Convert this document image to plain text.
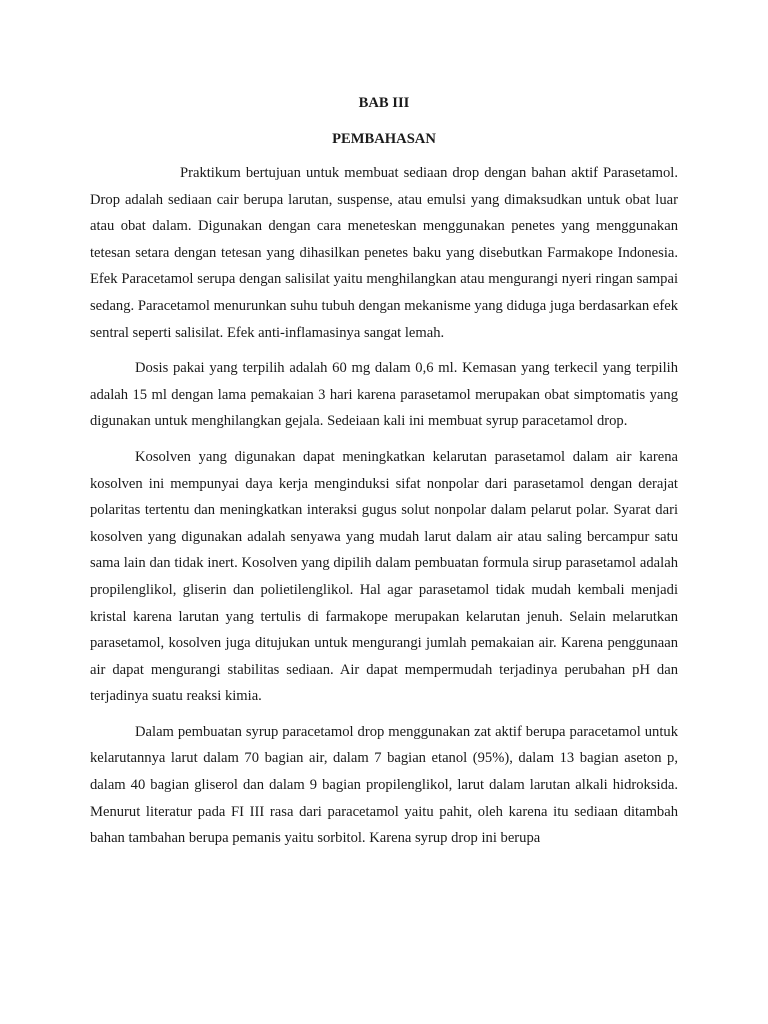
BAB III
PEMBAHASAN

Praktikum bertujuan untuk membuat sediaan drop dengan bahan aktif Parasetamol. Drop adalah sediaan cair berupa larutan, suspense, atau emulsi yang dimaksudkan untuk obat luar atau obat dalam. Digunakan dengan cara meneteskan menggunakan penetes yang menggunakan tetesan setara dengan tetesan yang dihasilkan penetes baku yang disebutkan Farmakope Indonesia. Efek Paracetamol serupa dengan salisilat yaitu menghilangkan atau mengurangi nyeri ringan sampai sedang. Paracetamol menurunkan suhu tubuh dengan mekanisme yang diduga juga berdasarkan efek sentral seperti salisilat. Efek anti-inflamasinya sangat lemah.

Dosis pakai yang terpilih adalah 60 mg dalam 0,6 ml. Kemasan yang terkecil yang terpilih adalah 15 ml dengan lama pemakaian 3 hari karena parasetamol merupakan obat simptomatis yang digunakan untuk menghilangkan gejala. Sedeiaan kali ini membuat syrup paracetamol drop.

Kosolven yang digunakan dapat meningkatkan kelarutan parasetamol dalam air karena kosolven ini mempunyai daya kerja menginduksi sifat nonpolar dari parasetamol dengan derajat polaritas tertentu dan meningkatkan interaksi gugus solut nonpolar dalam pelarut polar. Syarat dari kosolven yang digunakan adalah senyawa yang mudah larut dalam air atau saling bercampur satu sama lain dan tidak inert. Kosolven yang dipilih dalam pembuatan formula sirup parasetamol adalah propilenglikol, gliserin dan polietilenglikol. Hal agar parasetamol tidak mudah kembali menjadi kristal karena larutan yang tertulis di farmakope merupakan kelarutan jenuh. Selain melarutkan parasetamol, kosolven juga ditujukan untuk mengurangi jumlah pemakaian air. Karena penggunaan air dapat mengurangi stabilitas sediaan. Air dapat mempermudah terjadinya perubahan pH dan terjadinya suatu reaksi kimia.

Dalam pembuatan syrup paracetamol drop menggunakan zat aktif berupa paracetamol untuk kelarutannya larut dalam 70 bagian air, dalam 7 bagian etanol (95%), dalam 13 bagian aseton p, dalam 40 bagian gliserol dan dalam 9 bagian propilenglikol, larut dalam larutan alkali hidroksida. Menurut literatur pada FI III rasa dari paracetamol yaitu pahit, oleh karena itu sediaan ditambah bahan tambahan berupa pemanis yaitu sorbitol. Karena syrup drop ini berupa
